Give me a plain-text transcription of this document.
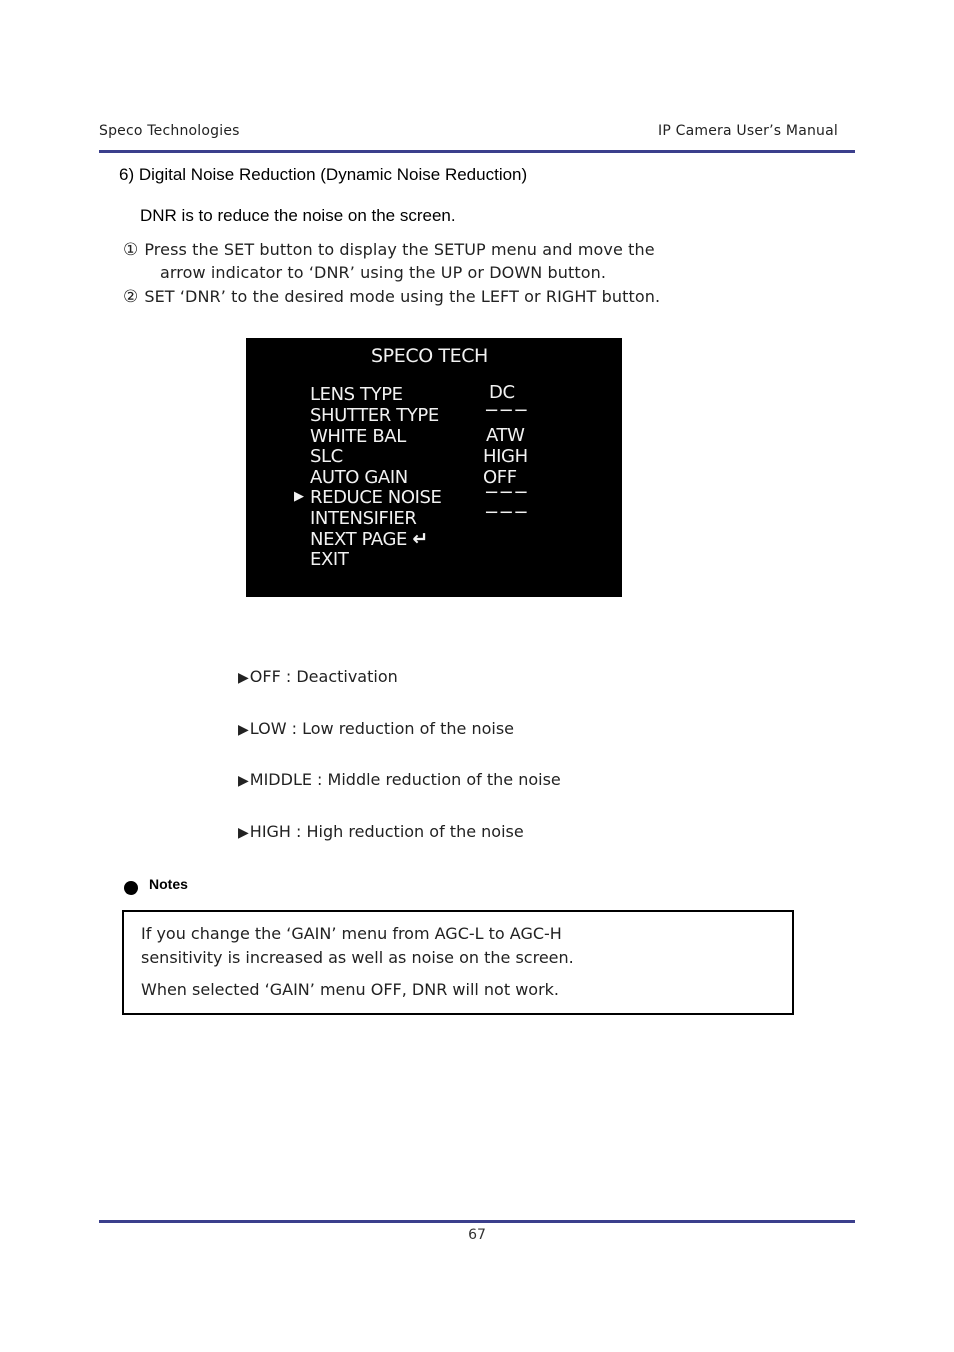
Speco Technologies	IP Camera User’s Manual
6) Digital Noise Reduction (Dynamic Noise Reduction)
DNR is to reduce the noise on the screen.
① Press the SET button to display the SETUP menu and move the
arrow indicator to ‘DNR’ using the UP or DOWN button.
② SET ‘DNR’ to the desired mode using the LEFT or RIGHT button.
SPECO TECH
LENS TYPE	DC
SHUTTER TYPE	−−−
WHITE BAL	ATW
SLC	HIGH
AUTO GAIN	OFF
▶ REDUCE NOISE −−−
INTENSIFIER	−−−
NEXT PAGE ↵
EXIT
▶OFF : Deactivation
▶LOW : Low reduction of the noise
▶MIDDLE : Middle reduction of the noise
▶HIGH : High reduction of the noise
Notes
If you change the ‘GAIN’ menu from AGC-L to AGC-H
sensitivity is increased as well as noise on the screen.
When selected ‘GAIN’ menu OFF, DNR will not work.
67
